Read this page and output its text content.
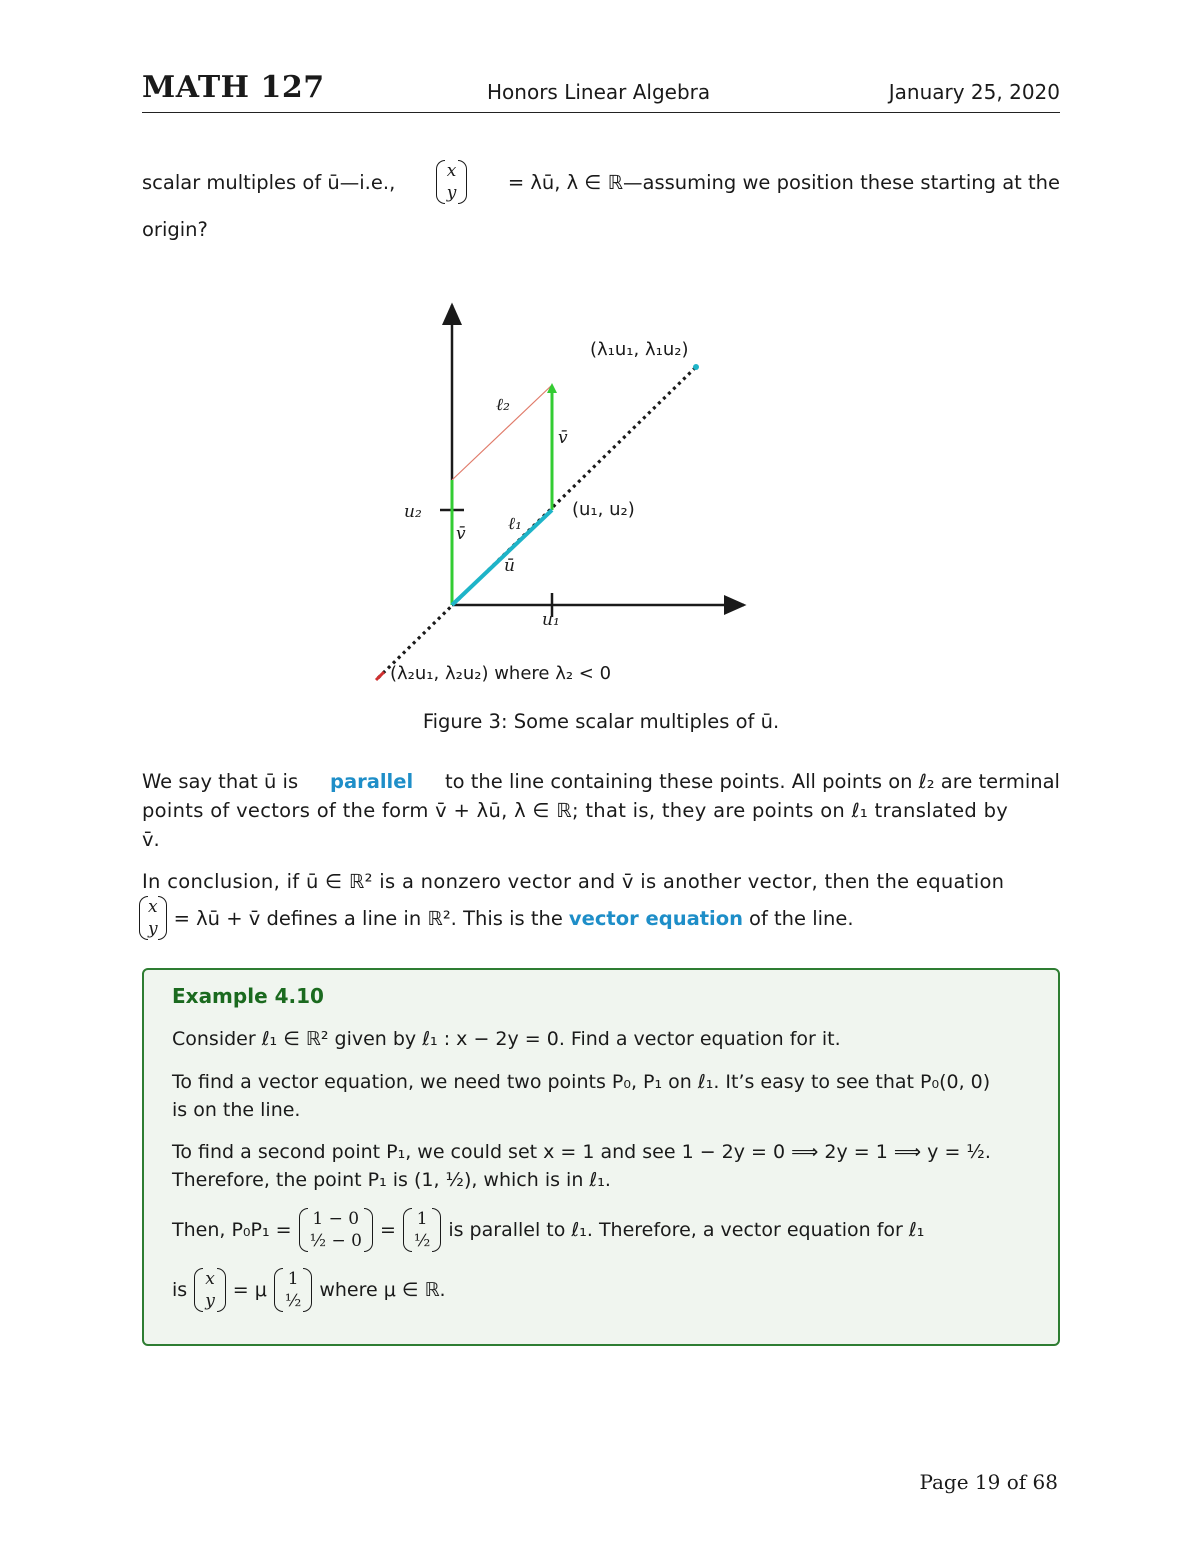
MATH 127	Honors Linear Algebra	January 25, 2020
scalar multiples of ū—i.e.,	x
y	= λū, λ ∈ ℝ—assuming we position these starting at the
origin?
(λ₁u₁, λ₁u₂)
ℓ₂
v̄
(u₁, u₂)
u₂
v̄ ℓ₁
ū
u₁
(λ₂u₁, λ₂u₂) where λ₂ < 0
Figure 3: Some scalar multiples of ū.
We say that ū is parallel to the line containing these points. All points on ℓ₂ are terminal
points of vectors of the form v̄ + λū, λ ∈ ℝ; that is, they are points on ℓ₁ translated by
v̄.
In conclusion, if ū ∈ ℝ² is a nonzero vector and v̄ is another vector, then the equation
x
y = λū + v̄ defines a line in ℝ². This is the vector equation of the line.
Example 4.10
Consider ℓ₁ ∈ ℝ² given by ℓ₁ : x − 2y = 0. Find a vector equation for it.
To find a vector equation, we need two points P₀, P₁ on ℓ₁. It’s easy to see that P₀(0, 0)
is on the line.
To find a second point P₁, we could set x = 1 and see 1 − 2y = 0 ⟹ 2y = 1 ⟹ y = ½.
Therefore, the point P₁ is (1, ½), which is in ℓ₁.
Then, P₀P₁ = 1 − 0
½ − 0 = 1
½ is parallel to ℓ₁. Therefore, a vector equation for ℓ₁
is x
y = μ 1
½ where μ ∈ ℝ.
Page 19 of 68
